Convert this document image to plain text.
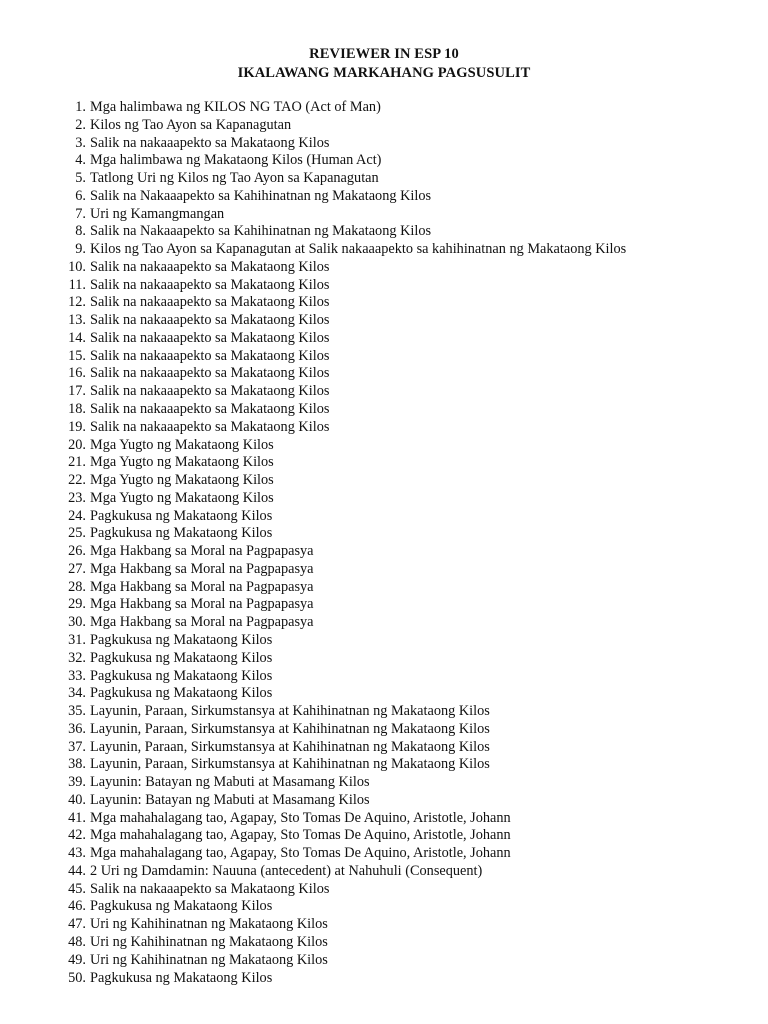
REVIEWER IN ESP 10
IKALAWANG MARKAHANG PAGSUSULIT
1. Mga halimbawa ng KILOS NG TAO (Act of Man)
2. Kilos ng Tao Ayon sa Kapanagutan
3. Salik na nakaaapekto sa Makataong Kilos
4. Mga halimbawa ng Makataong Kilos (Human Act)
5. Tatlong Uri ng Kilos ng Tao Ayon sa Kapanagutan
6. Salik na Nakaaapekto sa Kahihinatnan ng Makataong Kilos
7. Uri ng Kamangmangan
8. Salik na Nakaaapekto sa Kahihinatnan ng Makataong Kilos
9. Kilos ng Tao Ayon sa Kapanagutan at Salik nakaaapekto sa kahihinatnan ng Makataong Kilos
10. Salik na nakaaapekto sa Makataong Kilos
11. Salik na nakaaapekto sa Makataong Kilos
12. Salik na nakaaapekto sa Makataong Kilos
13. Salik na nakaaapekto sa Makataong Kilos
14. Salik na nakaaapekto sa Makataong Kilos
15. Salik na nakaaapekto sa Makataong Kilos
16. Salik na nakaaapekto sa Makataong Kilos
17. Salik na nakaaapekto sa Makataong Kilos
18. Salik na nakaaapekto sa Makataong Kilos
19. Salik na nakaaapekto sa Makataong Kilos
20. Mga Yugto ng Makataong Kilos
21. Mga Yugto ng Makataong Kilos
22. Mga Yugto ng Makataong Kilos
23. Mga Yugto ng Makataong Kilos
24. Pagkukusa ng Makataong Kilos
25. Pagkukusa ng Makataong Kilos
26. Mga Hakbang sa Moral na Pagpapasya
27. Mga Hakbang sa Moral na Pagpapasya
28. Mga Hakbang sa Moral na Pagpapasya
29. Mga Hakbang sa Moral na Pagpapasya
30. Mga Hakbang sa Moral na Pagpapasya
31. Pagkukusa ng Makataong Kilos
32. Pagkukusa ng Makataong Kilos
33. Pagkukusa ng Makataong Kilos
34. Pagkukusa ng Makataong Kilos
35. Layunin, Paraan, Sirkumstansya at Kahihinatnan ng Makataong Kilos
36. Layunin, Paraan, Sirkumstansya at Kahihinatnan ng Makataong Kilos
37. Layunin, Paraan, Sirkumstansya at Kahihinatnan ng Makataong Kilos
38. Layunin, Paraan, Sirkumstansya at Kahihinatnan ng Makataong Kilos
39. Layunin: Batayan ng Mabuti at Masamang Kilos
40. Layunin: Batayan ng Mabuti at Masamang Kilos
41. Mga mahahalagang tao, Agapay, Sto Tomas De Aquino, Aristotle, Johann
42. Mga mahahalagang tao, Agapay, Sto Tomas De Aquino, Aristotle, Johann
43. Mga mahahalagang tao, Agapay, Sto Tomas De Aquino, Aristotle, Johann
44. 2 Uri ng Damdamin: Nauuna (antecedent) at Nahuhuli (Consequent)
45. Salik na nakaaapekto sa Makataong Kilos
46. Pagkukusa ng Makataong Kilos
47. Uri ng Kahihinatnan ng Makataong Kilos
48. Uri ng Kahihinatnan ng Makataong Kilos
49. Uri ng Kahihinatnan ng Makataong Kilos
50. Pagkukusa ng Makataong Kilos
